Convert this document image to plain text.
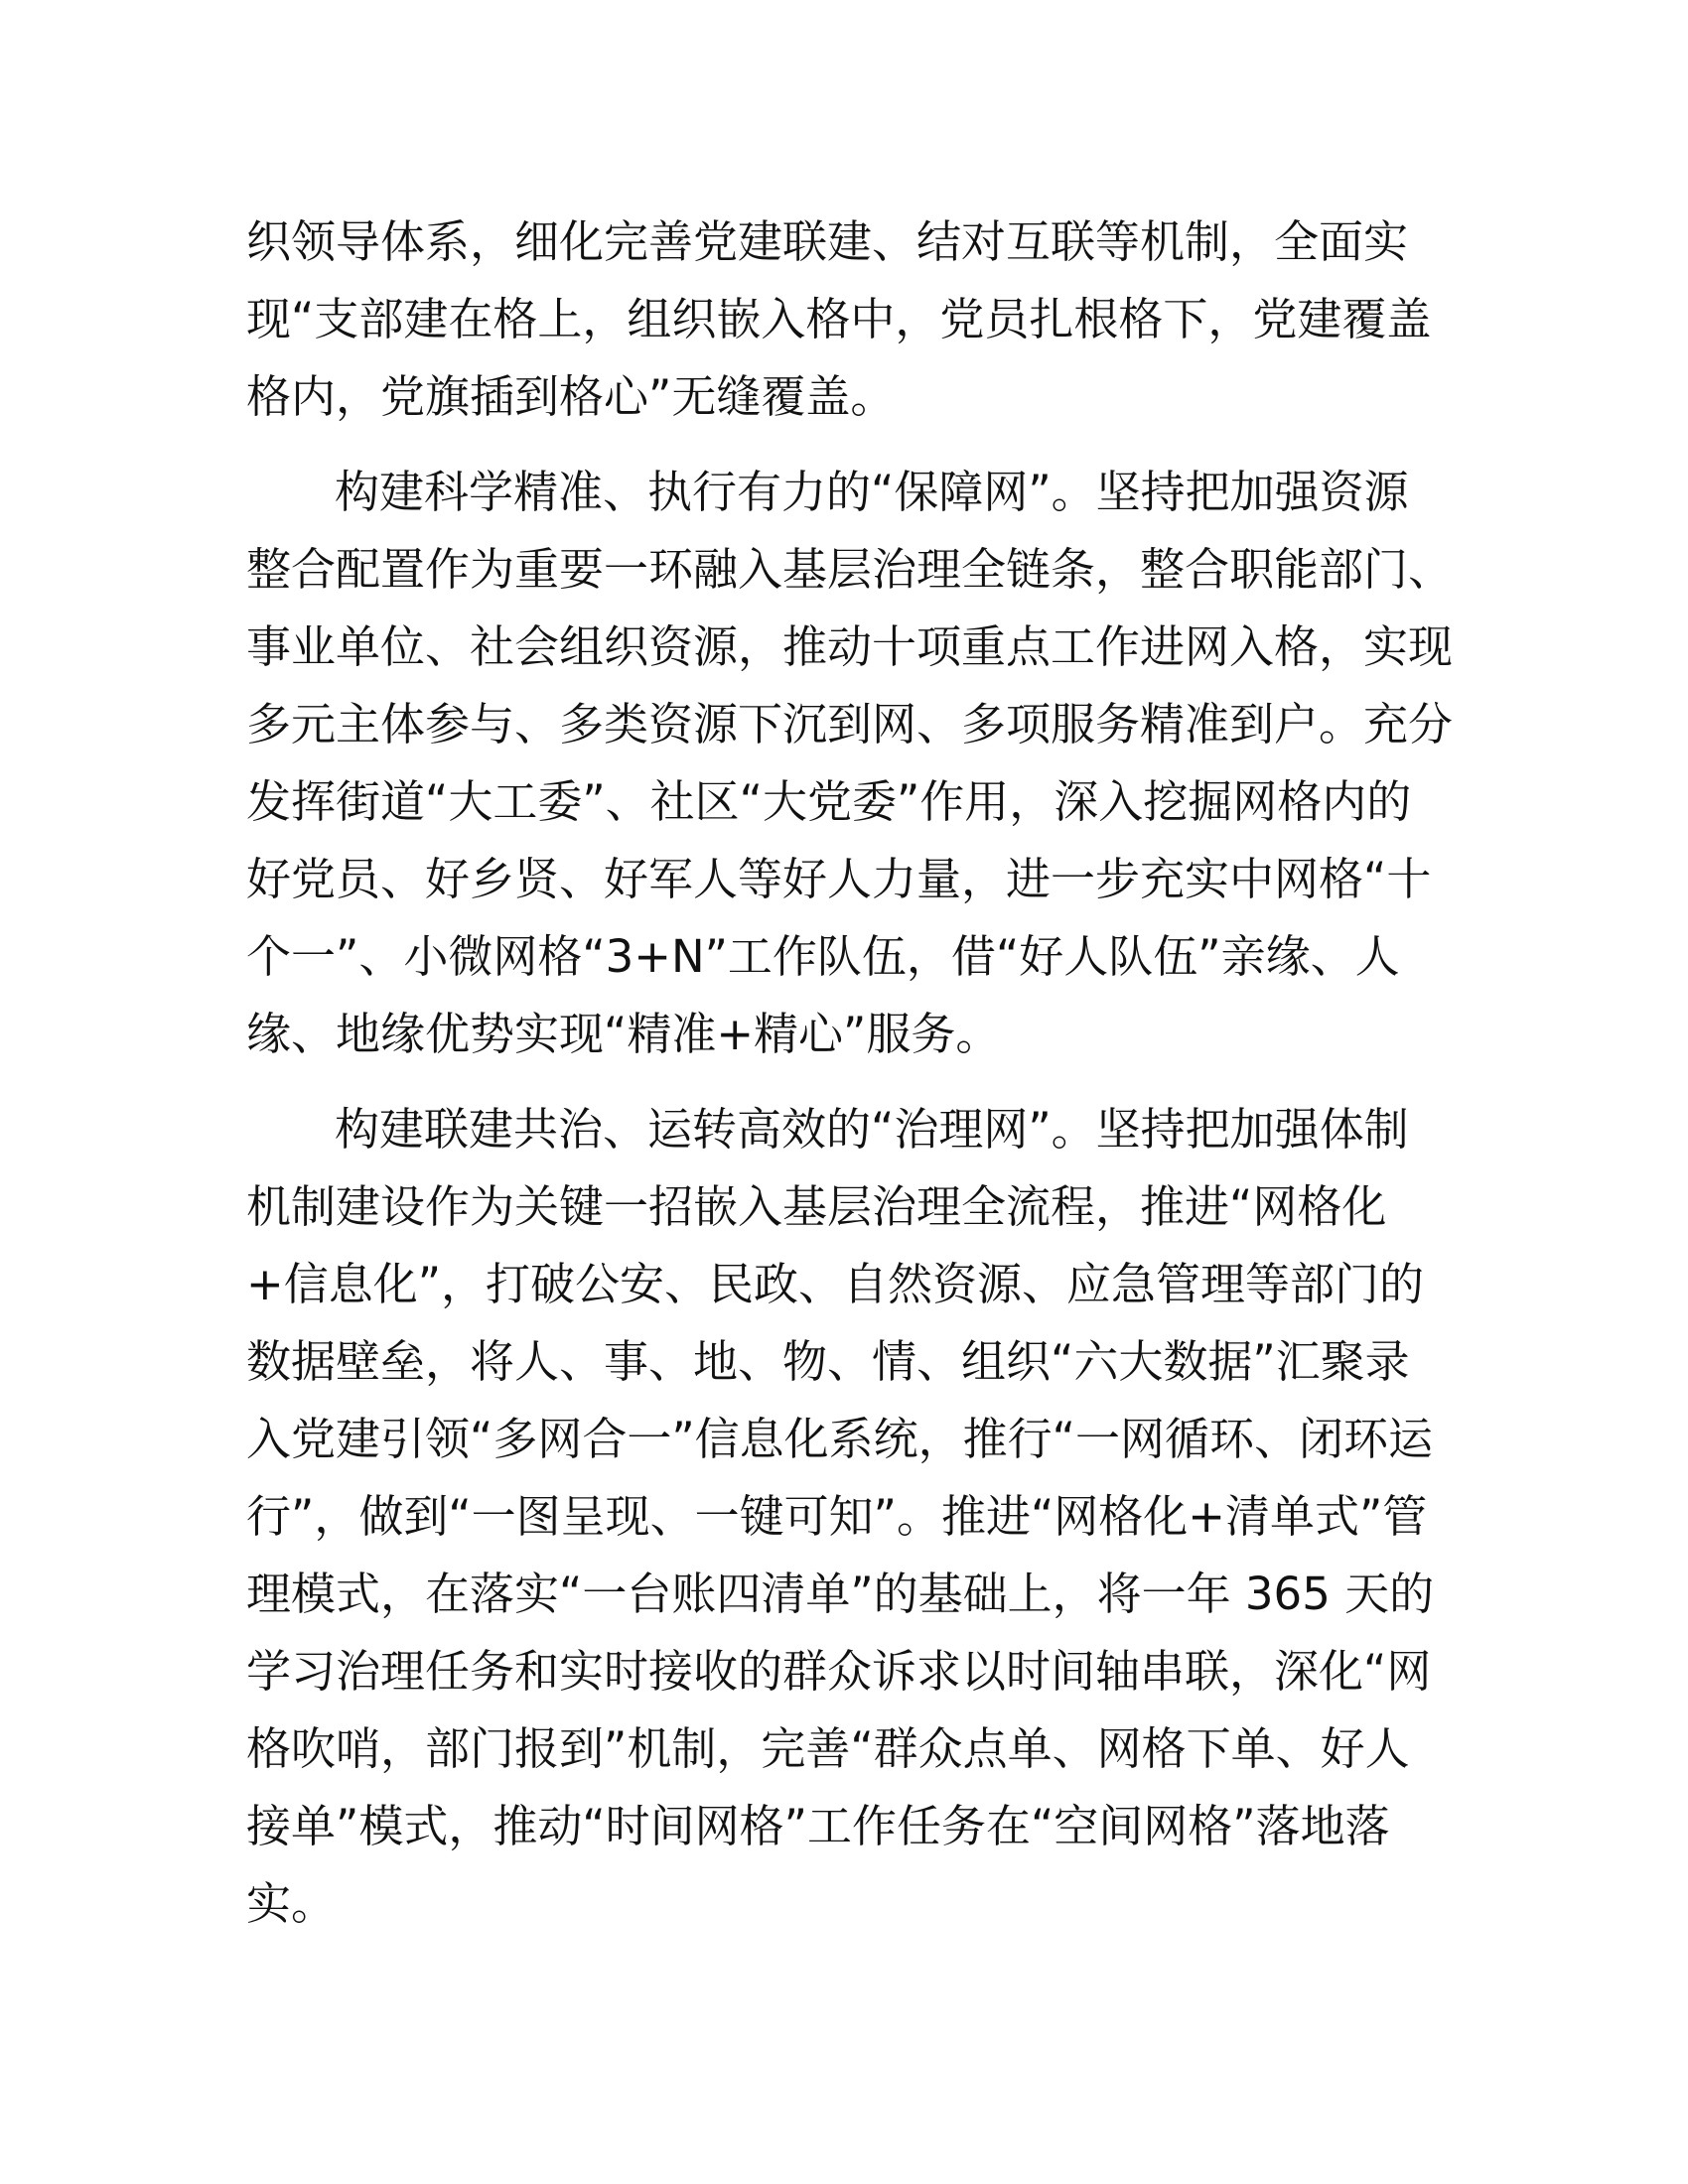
织领导体系，细化完善党建联建、结对互联等机制，全面实

现“支部建在格上，组织嵌入格中，党员扎根格下，党建覆盖

格内，党旗插到格心”无缝覆盖。

构建科学精准、执行有力的“保障网”。坚持把加强资源

整合配置作为重要一环融入基层治理全链条，整合职能部门、

事业单位、社会组织资源，推动十项重点工作进网入格，实现

多元主体参与、多类资源下沉到网、多项服务精准到户。充分

发挥街道“大工委”、社区“大党委”作用，深入挖掘网格内的

好党员、好乡贤、好军人等好人力量，进一步充实中网格“十

个一”、小微网格“3+N”工作队伍，借“好人队伍”亲缘、人

缘、地缘优势实现“精准+精心”服务。

构建联建共治、运转高效的“治理网”。坚持把加强体制

机制建设作为关键一招嵌入基层治理全流程，推进“网格化

+信息化”，打破公安、民政、自然资源、应急管理等部门的

数据壁垒，将人、事、地、物、情、组织“六大数据”汇聚录

入党建引领“多网合一”信息化系统，推行“一网循环、闭环运

行”，做到“一图呈现、一键可知”。推进“网格化+清单式”管

理模式，在落实“一台账四清单”的基础上，将一年 365 天的

学习治理任务和实时接收的群众诉求以时间轴串联，深化“网

格吹哨，部门报到”机制，完善“群众点单、网格下单、好人

接单”模式，推动“时间网格”工作任务在“空间网格”落地落

实。
